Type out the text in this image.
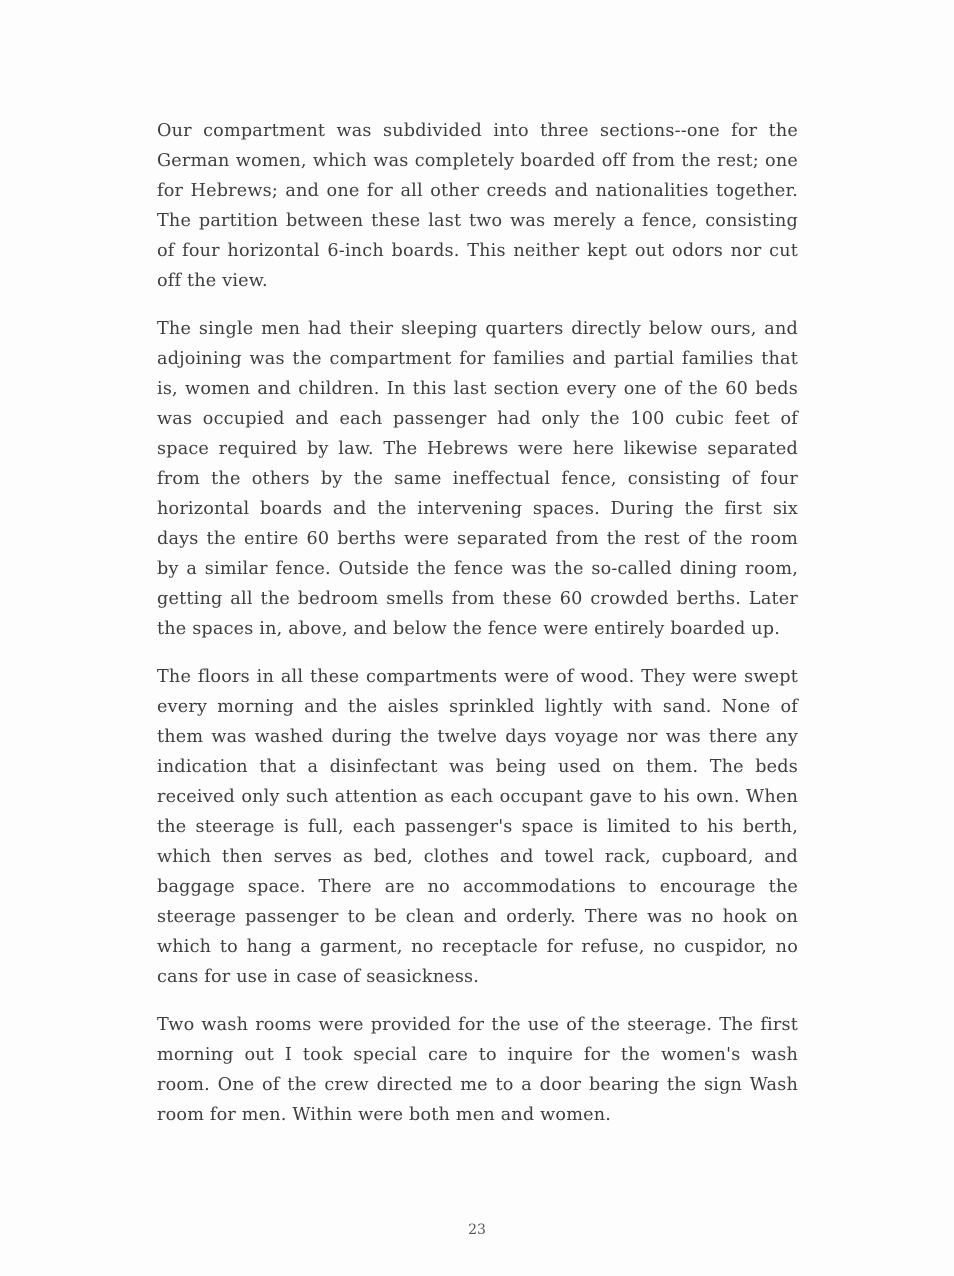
Our compartment was subdivided into three sections--one for the German women, which was completely boarded off from the rest; one for Hebrews; and one for all other creeds and nationalities together. The partition between these last two was merely a fence, consisting of four horizontal 6-inch boards. This neither kept out odors nor cut off the view.

The single men had their sleeping quarters directly below ours, and adjoining was the compartment for families and partial families that is, women and children. In this last section every one of the 60 beds was occupied and each passenger had only the 100 cubic feet of space required by law. The Hebrews were here likewise separated from the others by the same ineffectual fence, consisting of four horizontal boards and the intervening spaces. During the first six days the entire 60 berths were separated from the rest of the room by a similar fence. Outside the fence was the so-called dining room, getting all the bedroom smells from these 60 crowded berths. Later the spaces in, above, and below the fence were entirely boarded up.

The floors in all these compartments were of wood. They were swept every morning and the aisles sprinkled lightly with sand. None of them was washed during the twelve days voyage nor was there any indication that a disinfectant was being used on them. The beds received only such attention as each occupant gave to his own. When the steerage is full, each passenger's space is limited to his berth, which then serves as bed, clothes and towel rack, cupboard, and baggage space. There are no accommodations to encourage the steerage passenger to be clean and orderly. There was no hook on which to hang a garment, no receptacle for refuse, no cuspidor, no cans for use in case of seasickness.

Two wash rooms were provided for the use of the steerage. The first morning out I took special care to inquire for the women's wash room. One of the crew directed me to a door bearing the sign Wash room for men. Within were both men and women.

23
